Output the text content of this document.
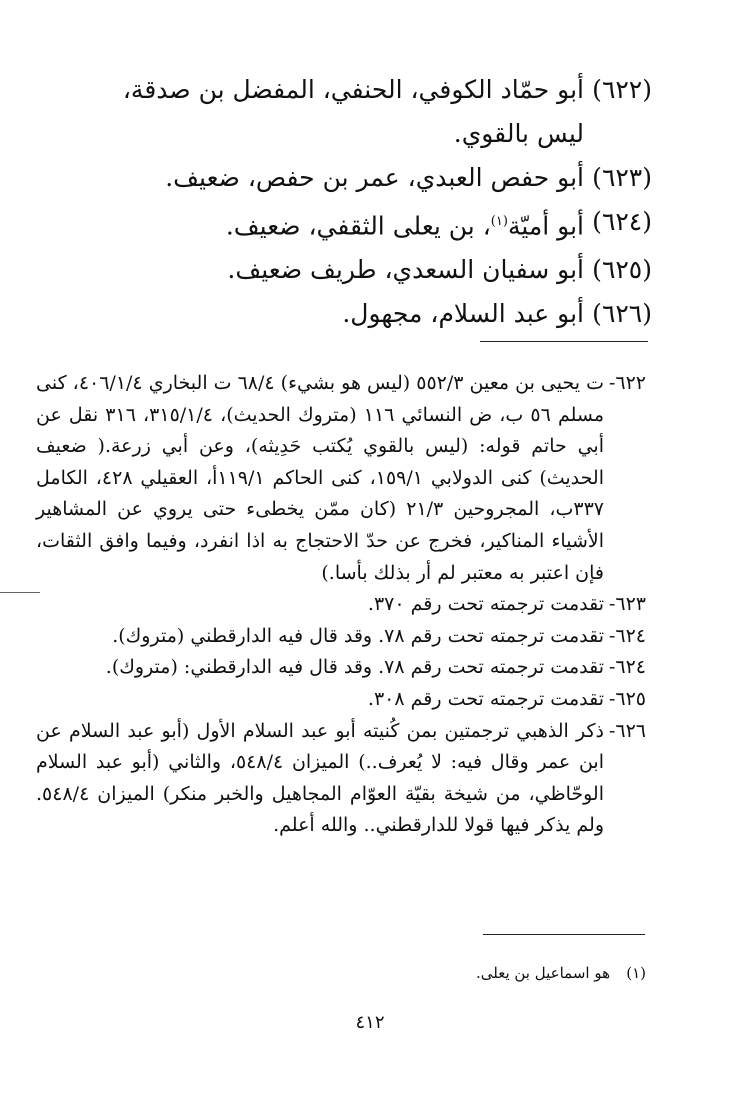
(٦٢٢)
أبو حمّاد الكوفي، الحنفي، المفضل بن صدقة، ليس بالقوي.
(٦٢٣)
أبو حفص العبدي، عمر بن حفص، ضعيف.
(٦٢٤)
أبو أميّة$^{(١)}$، بن يعلى الثقفي، ضعيف.
(٦٢٥)
أبو سفيان السعدي، طريف ضعيف.
(٦٢٦)
أبو عبد السلام، مجهول.
٦٢٢-
ت يحيى بن معين ٥٥٢/٣ (ليس هو بشيء) ٦٨/٤ ت البخاري ٤٠٦/١/٤، كنى مسلم ٥٦ ب، ض النسائي ١١٦ (متروك الحديث)، ٣١٥/١/٤، ٣١٦ نقل عن أبي حاتم قوله: (ليس بالقوي يُكتب حَدِيثه)، وعن أبي زرعة.( ضعيف الحديث) كنى الدولابي ١٥٩/١، كنى الحاكم ١١٩/١أ، العقيلي ٤٢٨، الكامل ٣٣٧ب، المجروحين ٢١/٣ (كان ممّن يخطىء حتى يروي عن المشاهير الأشياء المناكير، فخرج عن حدّ الاحتجاج به اذا انفرد، وفيما وافق الثقات، فإن اعتبر به معتبر لم أر بذلك بأسا.)
٦٢٣-
تقدمت ترجمته تحت رقم ٣٧٠.
٦٢٤-
تقدمت ترجمته تحت رقم ٧٨. وقد قال فيه الدارقطني (متروك).
٦٢٤-
تقدمت ترجمته تحت رقم ٧٨. وقد قال فيه الدارقطني: (متروك).
٦٢٥-
تقدمت ترجمته تحت رقم ٣٠٨.
٦٢٦-
ذكر الذهبي ترجمتين بمن كُنيته أبو عبد السلام الأول (أبو عبد السلام عن ابن عمر وقال فيه: لا يُعرف..) الميزان ٥٤٨/٤، والثاني (أبو عبد السلام الوحّاظي، من شيخة بقيّة العوّام المجاهيل والخبر منكر) الميزان ٥٤٨/٤. ولم يذكر فيها قولا للدارقطني.. والله أعلم.
(١)
هو اسماعيل بن يعلى.
٤١٢
